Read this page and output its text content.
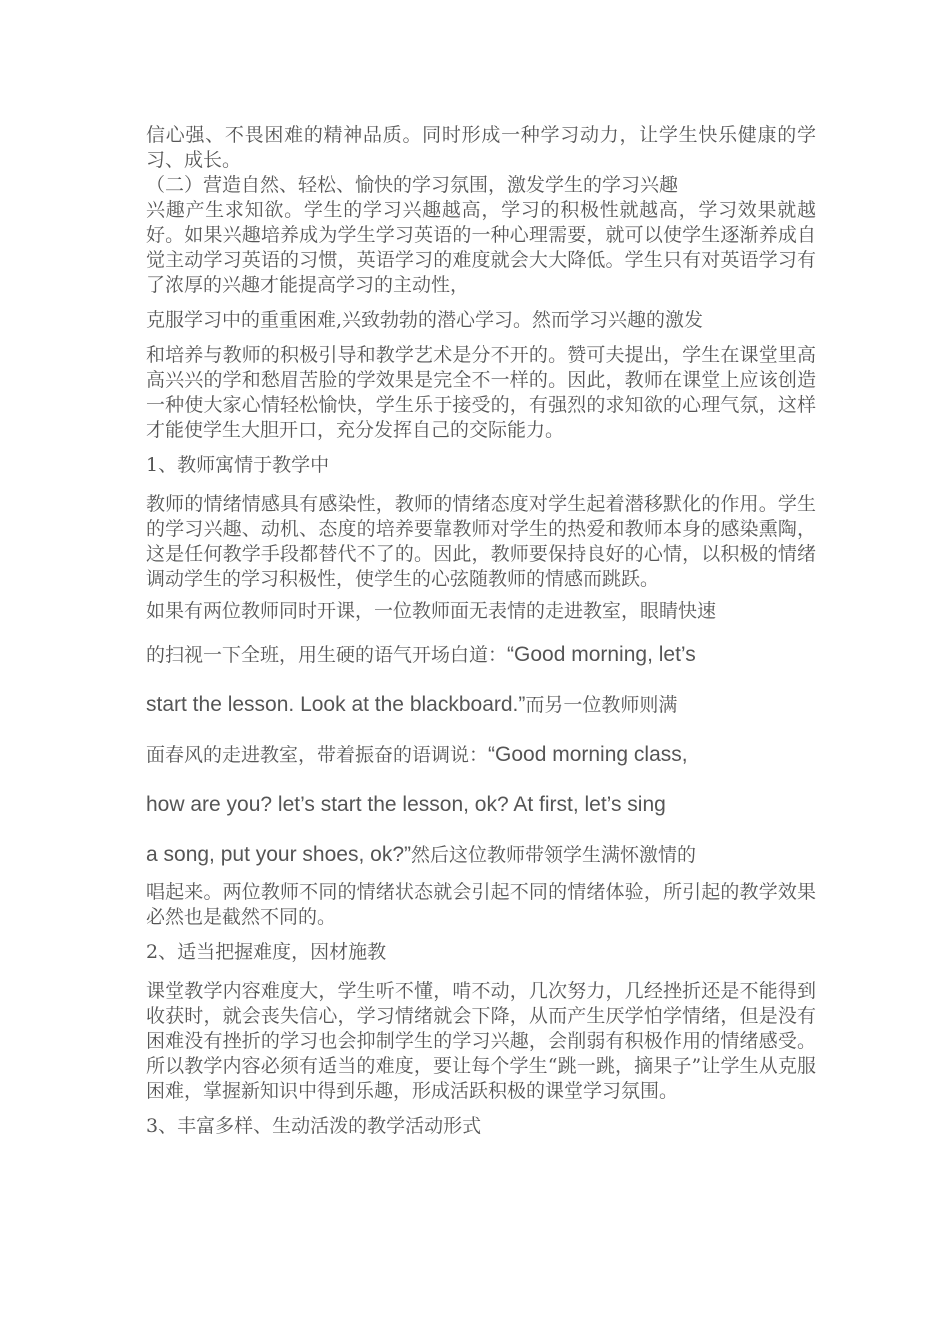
信心强、不畏困难的精神品质。同时形成一种学习动力，让学生快乐健康的学习、成长。

（二）营造自然、轻松、愉快的学习氛围，激发学生的学习兴趣

兴趣产生求知欲。学生的学习兴趣越高，学习的积极性就越高，学习效果就越好。如果兴趣培养成为学生学习英语的一种心理需要，就可以使学生逐渐养成自觉主动学习英语的习惯，英语学习的难度就会大大降低。学生只有对英语学习有了浓厚的兴趣才能提高学习的主动性，

克服学习中的重重困难,兴致勃勃的潜心学习。然而学习兴趣的激发

和培养与教师的积极引导和教学艺术是分不开的。赞可夫提出，学生在课堂里高高兴兴的学和愁眉苦脸的学效果是完全不一样的。因此，教师在课堂上应该创造一种使大家心情轻松愉快，学生乐于接受的，有强烈的求知欲的心理气氛，这样才能使学生大胆开口，充分发挥自己的交际能力。

1、教师寓情于教学中

教师的情绪情感具有感染性，教师的情绪态度对学生起着潜移默化的作用。学生的学习兴趣、动机、态度的培养要靠教师对学生的热爱和教师本身的感染熏陶，这是任何教学手段都替代不了的。因此，教师要保持良好的心情，以积极的情绪调动学生的学习积极性，使学生的心弦随教师的情感而跳跃。

如果有两位教师同时开课，一位教师面无表情的走进教室，眼睛快速
的扫视一下全班，用生硬的语气开场白道：“Good morning, let’s
start the lesson. Look at the blackboard.”而另一位教师则满
面春风的走进教室，带着振奋的语调说：“Good morning class,
how are you? let’s start the lesson, ok? At first, let’s sing
a song, put your shoes, ok?”然后这位教师带领学生满怀激情的

唱起来。两位教师不同的情绪状态就会引起不同的情绪体验，所引起的教学效果必然也是截然不同的。

2、适当把握难度，因材施教

课堂教学内容难度大，学生听不懂，啃不动，几次努力，几经挫折还是不能得到收获时，就会丧失信心，学习情绪就会下降，从而产生厌学怕学情绪，但是没有困难没有挫折的学习也会抑制学生的学习兴趣，会削弱有积极作用的情绪感受。所以教学内容必须有适当的难度，要让每个学生“跳一跳，摘果子”让学生从克服困难，掌握新知识中得到乐趣，形成活跃积极的课堂学习氛围。

3、丰富多样、生动活泼的教学活动形式
